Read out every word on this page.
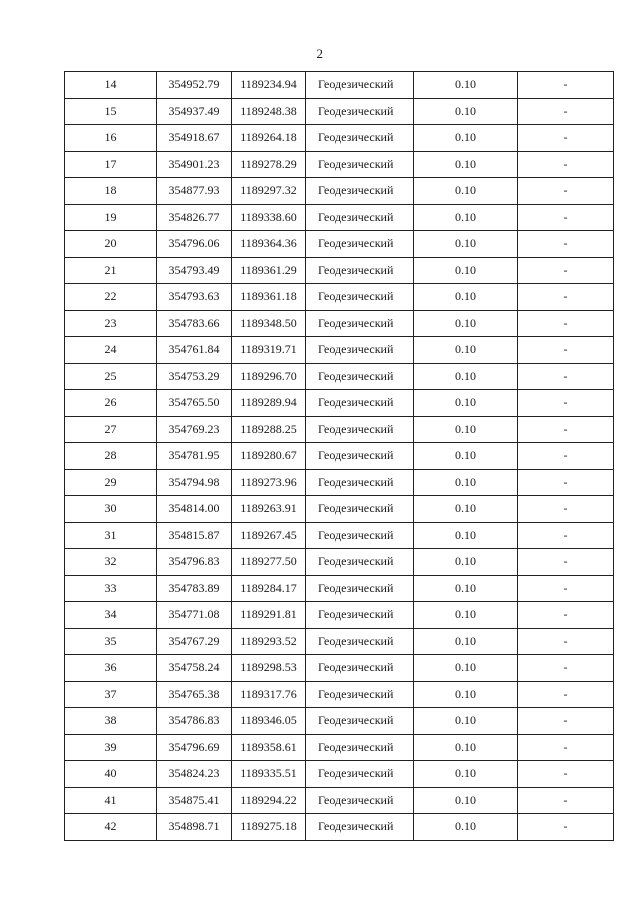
2
14	354952.79	1189234.94	Геодезический	0.10	-
15	354937.49	1189248.38	Геодезический	0.10	-
16	354918.67	1189264.18	Геодезический	0.10	-
17	354901.23	1189278.29	Геодезический	0.10	-
18	354877.93	1189297.32	Геодезический	0.10	-
19	354826.77	1189338.60	Геодезический	0.10	-
20	354796.06	1189364.36	Геодезический	0.10	-
21	354793.49	1189361.29	Геодезический	0.10	-
22	354793.63	1189361.18	Геодезический	0.10	-
23	354783.66	1189348.50	Геодезический	0.10	-
24	354761.84	1189319.71	Геодезический	0.10	-
25	354753.29	1189296.70	Геодезический	0.10	-
26	354765.50	1189289.94	Геодезический	0.10	-
27	354769.23	1189288.25	Геодезический	0.10	-
28	354781.95	1189280.67	Геодезический	0.10	-
29	354794.98	1189273.96	Геодезический	0.10	-
30	354814.00	1189263.91	Геодезический	0.10	-
31	354815.87	1189267.45	Геодезический	0.10	-
32	354796.83	1189277.50	Геодезический	0.10	-
33	354783.89	1189284.17	Геодезический	0.10	-
34	354771.08	1189291.81	Геодезический	0.10	-
35	354767.29	1189293.52	Геодезический	0.10	-
36	354758.24	1189298.53	Геодезический	0.10	-
37	354765.38	1189317.76	Геодезический	0.10	-
38	354786.83	1189346.05	Геодезический	0.10	-
39	354796.69	1189358.61	Геодезический	0.10	-
40	354824.23	1189335.51	Геодезический	0.10	-
41	354875.41	1189294.22	Геодезический	0.10	-
42	354898.71	1189275.18	Геодезический	0.10	-
